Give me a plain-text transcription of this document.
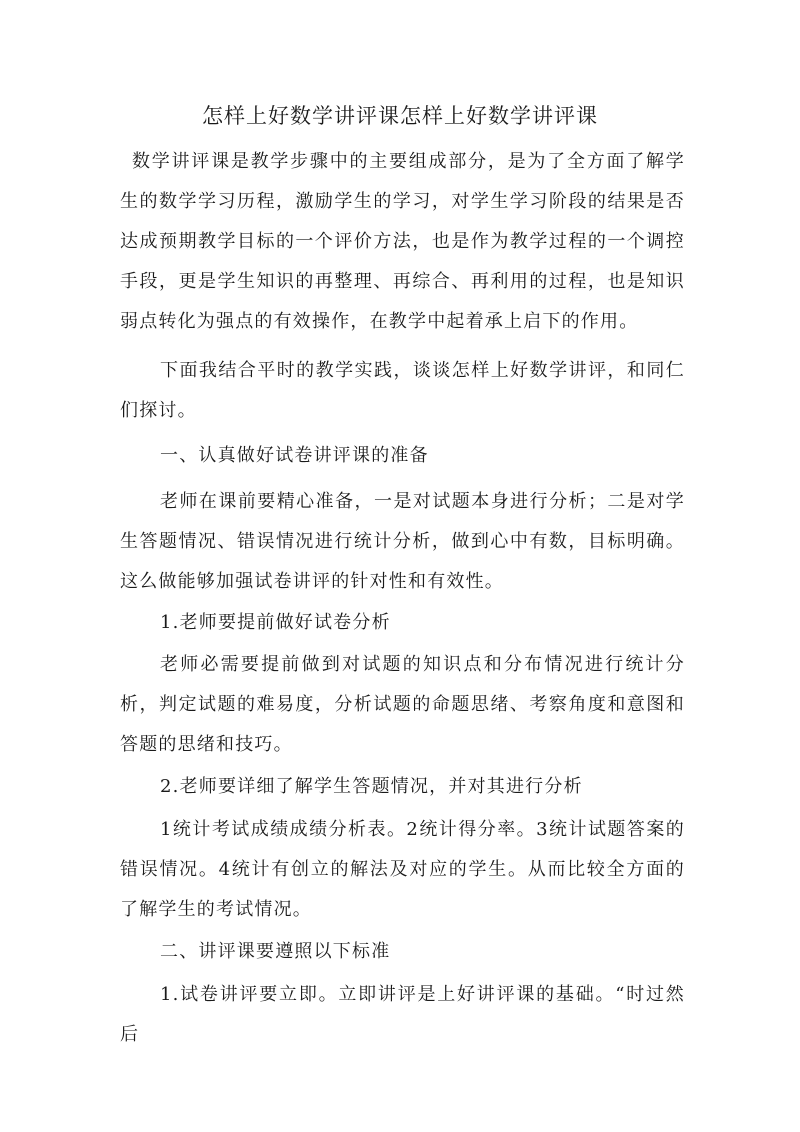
怎样上好数学讲评课怎样上好数学讲评课

数学讲评课是教学步骤中的主要组成部分，是为了全方面了解学生的数学学习历程，激励学生的学习，对学生学习阶段的结果是否达成预期教学目标的一个评价方法，也是作为教学过程的一个调控手段，更是学生知识的再整理、再综合、再利用的过程，也是知识弱点转化为强点的有效操作，在教学中起着承上启下的作用。

下面我结合平时的教学实践，谈谈怎样上好数学讲评，和同仁们探讨。

一、认真做好试卷讲评课的准备

老师在课前要精心准备，一是对试题本身进行分析；二是对学生答题情况、错误情况进行统计分析，做到心中有数，目标明确。这么做能够加强试卷讲评的针对性和有效性。

1.老师要提前做好试卷分析

老师必需要提前做到对试题的知识点和分布情况进行统计分析，判定试题的难易度，分析试题的命题思绪、考察角度和意图和答题的思绪和技巧。

2.老师要详细了解学生答题情况，并对其进行分析

1统计考试成绩成绩分析表。2统计得分率。3统计试题答案的错误情况。4统计有创立的解法及对应的学生。从而比较全方面的了解学生的考试情况。

二、讲评课要遵照以下标准

1.试卷讲评要立即。立即讲评是上好讲评课的基础。“时过然后
